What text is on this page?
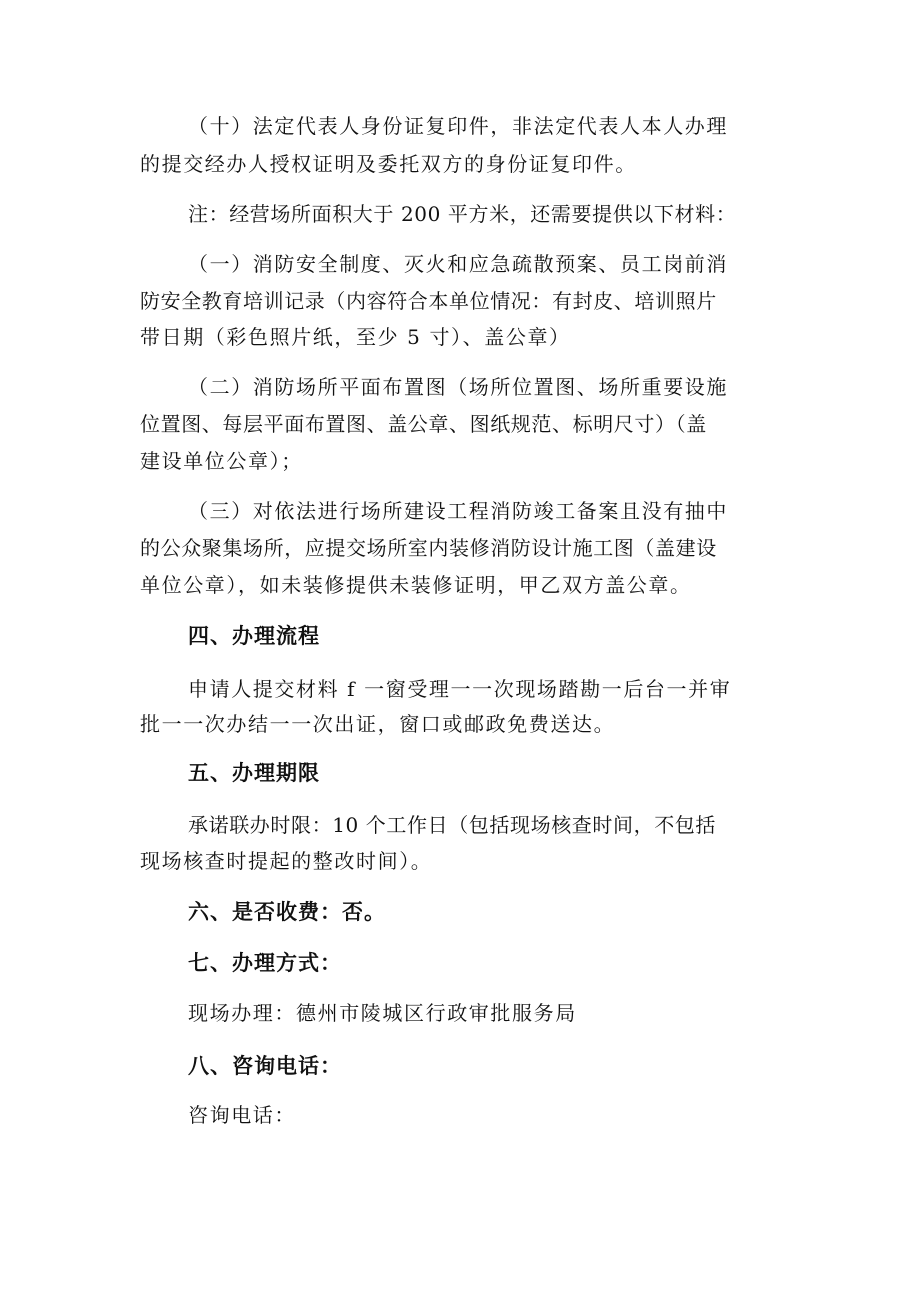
（十）法定代表人身份证复印件，非法定代表人本人办理
的提交经办人授权证明及委托双方的身份证复印件。
注：经营场所面积大于 200 平方米，还需要提供以下材料：
（一）消防安全制度、灭火和应急疏散预案、员工岗前消
防安全教育培训记录（内容符合本单位情况：有封皮、培训照片
带日期（彩色照片纸，至少 5 寸）、盖公章）
（二）消防场所平面布置图（场所位置图、场所重要设施
位置图、每层平面布置图、盖公章、图纸规范、标明尺寸）（盖
建设单位公章）；
（三）对依法进行场所建设工程消防竣工备案且没有抽中
的公众聚集场所，应提交场所室内装修消防设计施工图（盖建设
单位公章），如未装修提供未装修证明，甲乙双方盖公章。
四、办理流程
申请人提交材料 f 一窗受理一一次现场踏勘一后台一并审
批一一次办结一一次出证，窗口或邮政免费送达。
五、办理期限
承诺联办时限：10 个工作日（包括现场核查时间，不包括
现场核查时提起的整改时间）。
六、是否收费：否。
七、办理方式：
现场办理：德州市陵城区行政审批服务局
八、咨询电话：
咨询电话：
